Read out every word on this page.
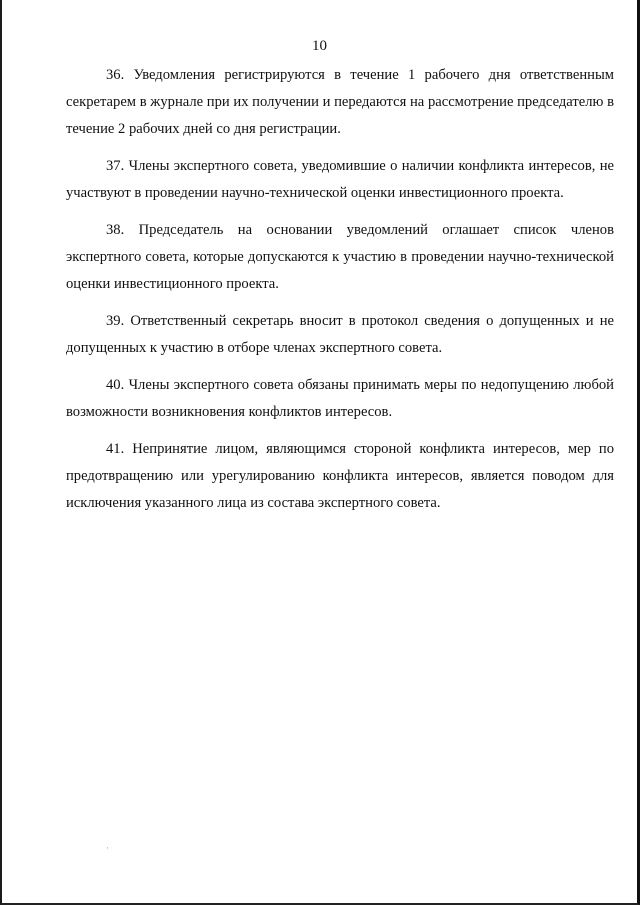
10

36. Уведомления регистрируются в течение 1 рабочего дня ответственным секретарем в журнале при их получении и передаются на рассмотрение председателю в течение 2 рабочих дней со дня регистрации.

37. Члены экспертного совета, уведомившие о наличии конфликта интересов, не участвуют в проведении научно-технической оценки инвестиционного проекта.

38. Председатель на основании уведомлений оглашает список членов экспертного совета, которые допускаются к участию в проведении научно-технической оценки инвестиционного проекта.

39. Ответственный секретарь вносит в протокол сведения о допущенных и не допущенных к участию в отборе членах экспертного совета.

40. Члены экспертного совета обязаны принимать меры по недопущению любой возможности возникновения конфликтов интересов.

41. Непринятие лицом, являющимся стороной конфликта интересов, мер по предотвращению или урегулированию конфликта интересов, является поводом для исключения указанного лица из состава экспертного совета.

·
